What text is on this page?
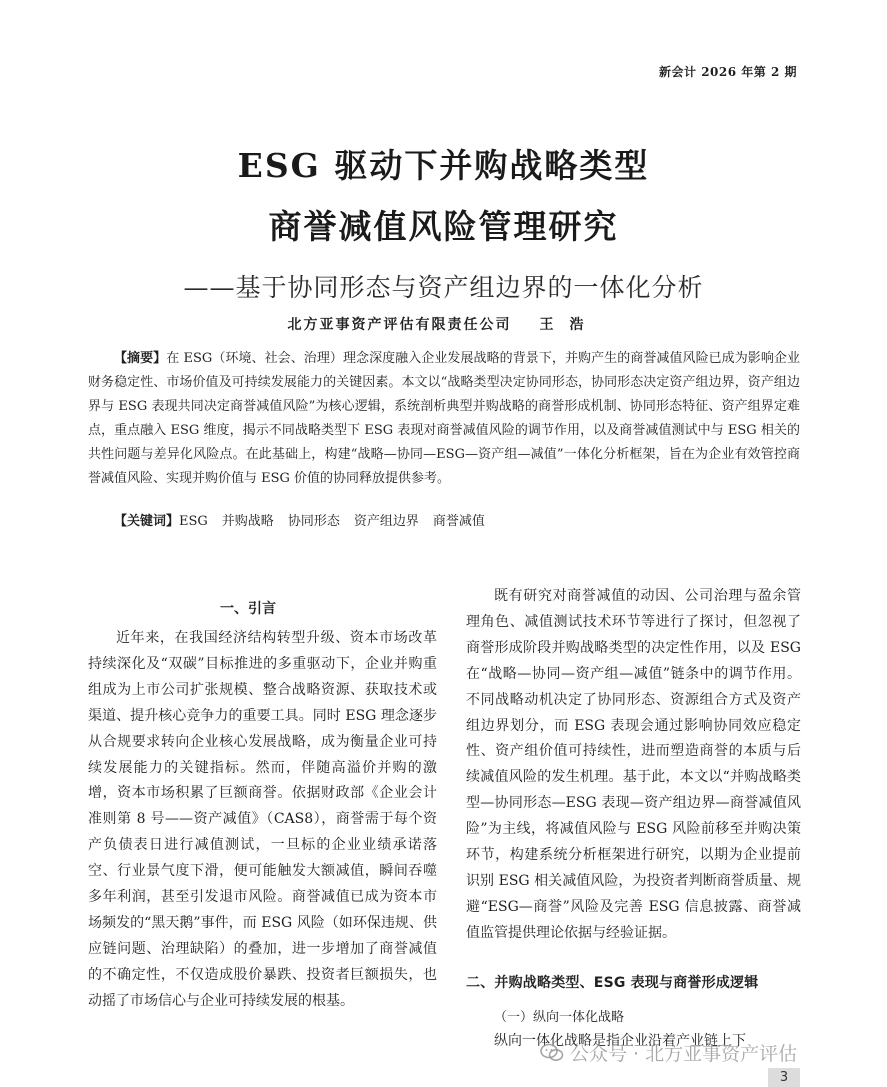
新会计 2026 年第 2 期
ESG 驱动下并购战略类型
商誉减值风险管理研究
——基于协同形态与资产组边界的一体化分析
北方亚事资产评估有限责任公司 王浩
【摘要】在 ESG（环境、社会、治理）理念深度融入企业发展战略的背景下，并购产生的商誉减值风险已成为影响企业财务稳定性、市场价值及可持续发展能力的关键因素。本文以“战略类型决定协同形态，协同形态决定资产组边界，资产组边界与 ESG 表现共同决定商誉减值风险”为核心逻辑，系统剖析典型并购战略的商誉形成机制、协同形态特征、资产组界定难点，重点融入 ESG 维度，揭示不同战略类型下 ESG 表现对商誉减值风险的调节作用，以及商誉减值测试中与 ESG 相关的共性问题与差异化风险点。在此基础上，构建“战略—协同—ESG—资产组—减值”一体化分析框架，旨在为企业有效管控商誉减值风险、实现并购价值与 ESG 价值的协同释放提供参考。
【关键词】ESG 并购战略 协同形态 资产组边界 商誉减值
一、引言

近年来，在我国经济结构转型升级、资本市场改革持续深化及“双碳”目标推进的多重驱动下，企业并购重组成为上市公司扩张规模、整合战略资源、获取技术或渠道、提升核心竞争力的重要工具。同时 ESG 理念逐步从合规要求转向企业核心发展战略，成为衡量企业可持续发展能力的关键指标。然而，伴随高溢价并购的激增，资本市场积累了巨额商誉。依据财政部《企业会计准则第 8 号——资产减值》（CAS8），商誉需于每个资产负债表日进行减值测试，一旦标的企业业绩承诺落空、行业景气度下滑，便可能触发大额减值，瞬间吞噬多年利润，甚至引发退市风险。商誉减值已成为资本市场频发的“黑天鹅”事件，而 ESG 风险（如环保违规、供应链问题、治理缺陷）的叠加，进一步增加了商誉减值的不确定性，不仅造成股价暴跌、投资者巨额损失，也动摇了市场信心与企业可持续发展的根基。

既有研究对商誉减值的动因、公司治理与盈余管理角色、减值测试技术环节等进行了探讨，但忽视了商誉形成阶段并购战略类型的决定性作用，以及 ESG 在“战略—协同—资产组—减值”链条中的调节作用。不同战略动机决定了协同形态、资源组合方式及资产组边界划分，而 ESG 表现会通过影响协同效应稳定性、资产组价值可持续性，进而塑造商誉的本质与后续减值风险的发生机理。基于此，本文以“并购战略类型—协同形态—ESG 表现—资产组边界—商誉减值风险”为主线，将减值风险与 ESG 风险前移至并购决策环节，构建系统分析框架进行研究，以期为企业提前识别 ESG 相关减值风险，为投资者判断商誉质量、规避“ESG—商誉”风险及完善 ESG 信息披露、商誉减值监管提供理论依据与经验证据。

二、并购战略类型、ESG 表现与商誉形成逻辑
（一）纵向一体化战略
纵向一体化战略是指企业沿着产业链上下
公众号 · 北方亚事资产评估
3
